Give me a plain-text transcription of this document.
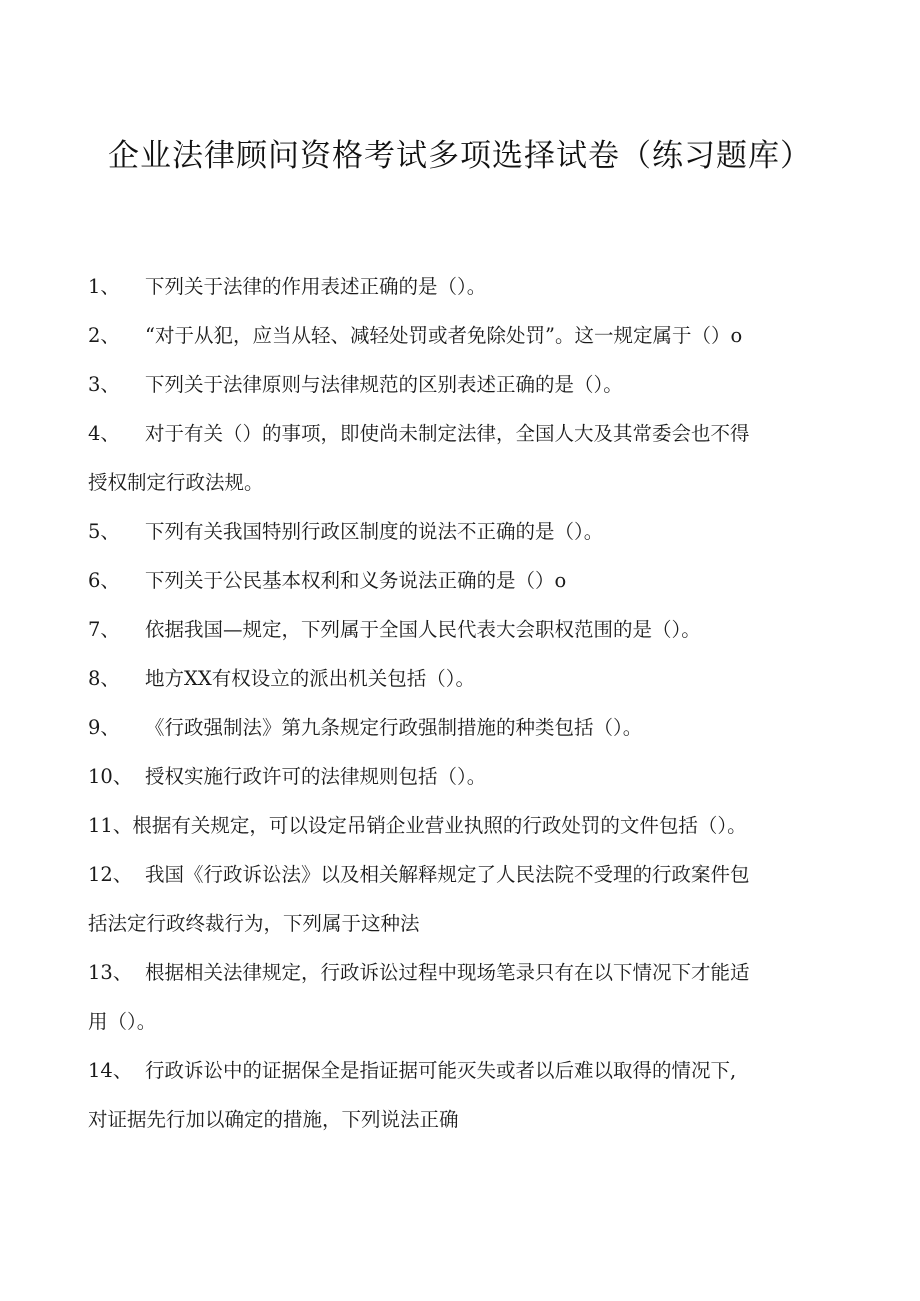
企业法律顾问资格考试多项选择试卷（练习题库）
1、 下列关于法律的作用表述正确的是（）。
2、 “对于从犯，应当从轻、减轻处罚或者免除处罚”。这一规定属于（）o
3、 下列关于法律原则与法律规范的区别表述正确的是（）。
4、 对于有关（）的事项，即使尚未制定法律，全国人大及其常委会也不得
授权制定行政法规。
5、 下列有关我国特别行政区制度的说法不正确的是（）。
6、 下列关于公民基本权利和义务说法正确的是（）o
7、 依据我国—规定，下列属于全国人民代表大会职权范围的是（）。
8、 地方XX有权设立的派出机关包括（）。
9、 《行政强制法》第九条规定行政强制措施的种类包括（）。
10、 授权实施行政许可的法律规则包括（）。
11、根据有关规定，可以设定吊销企业营业执照的行政处罚的文件包括（）。
12、 我国《行政诉讼法》以及相关解释规定了人民法院不受理的行政案件包
括法定行政终裁行为，下列属于这种法
13、 根据相关法律规定，行政诉讼过程中现场笔录只有在以下情况下才能适
用（）。
14、 行政诉讼中的证据保全是指证据可能灭失或者以后难以取得的情况下,
对证据先行加以确定的措施，下列说法正确
